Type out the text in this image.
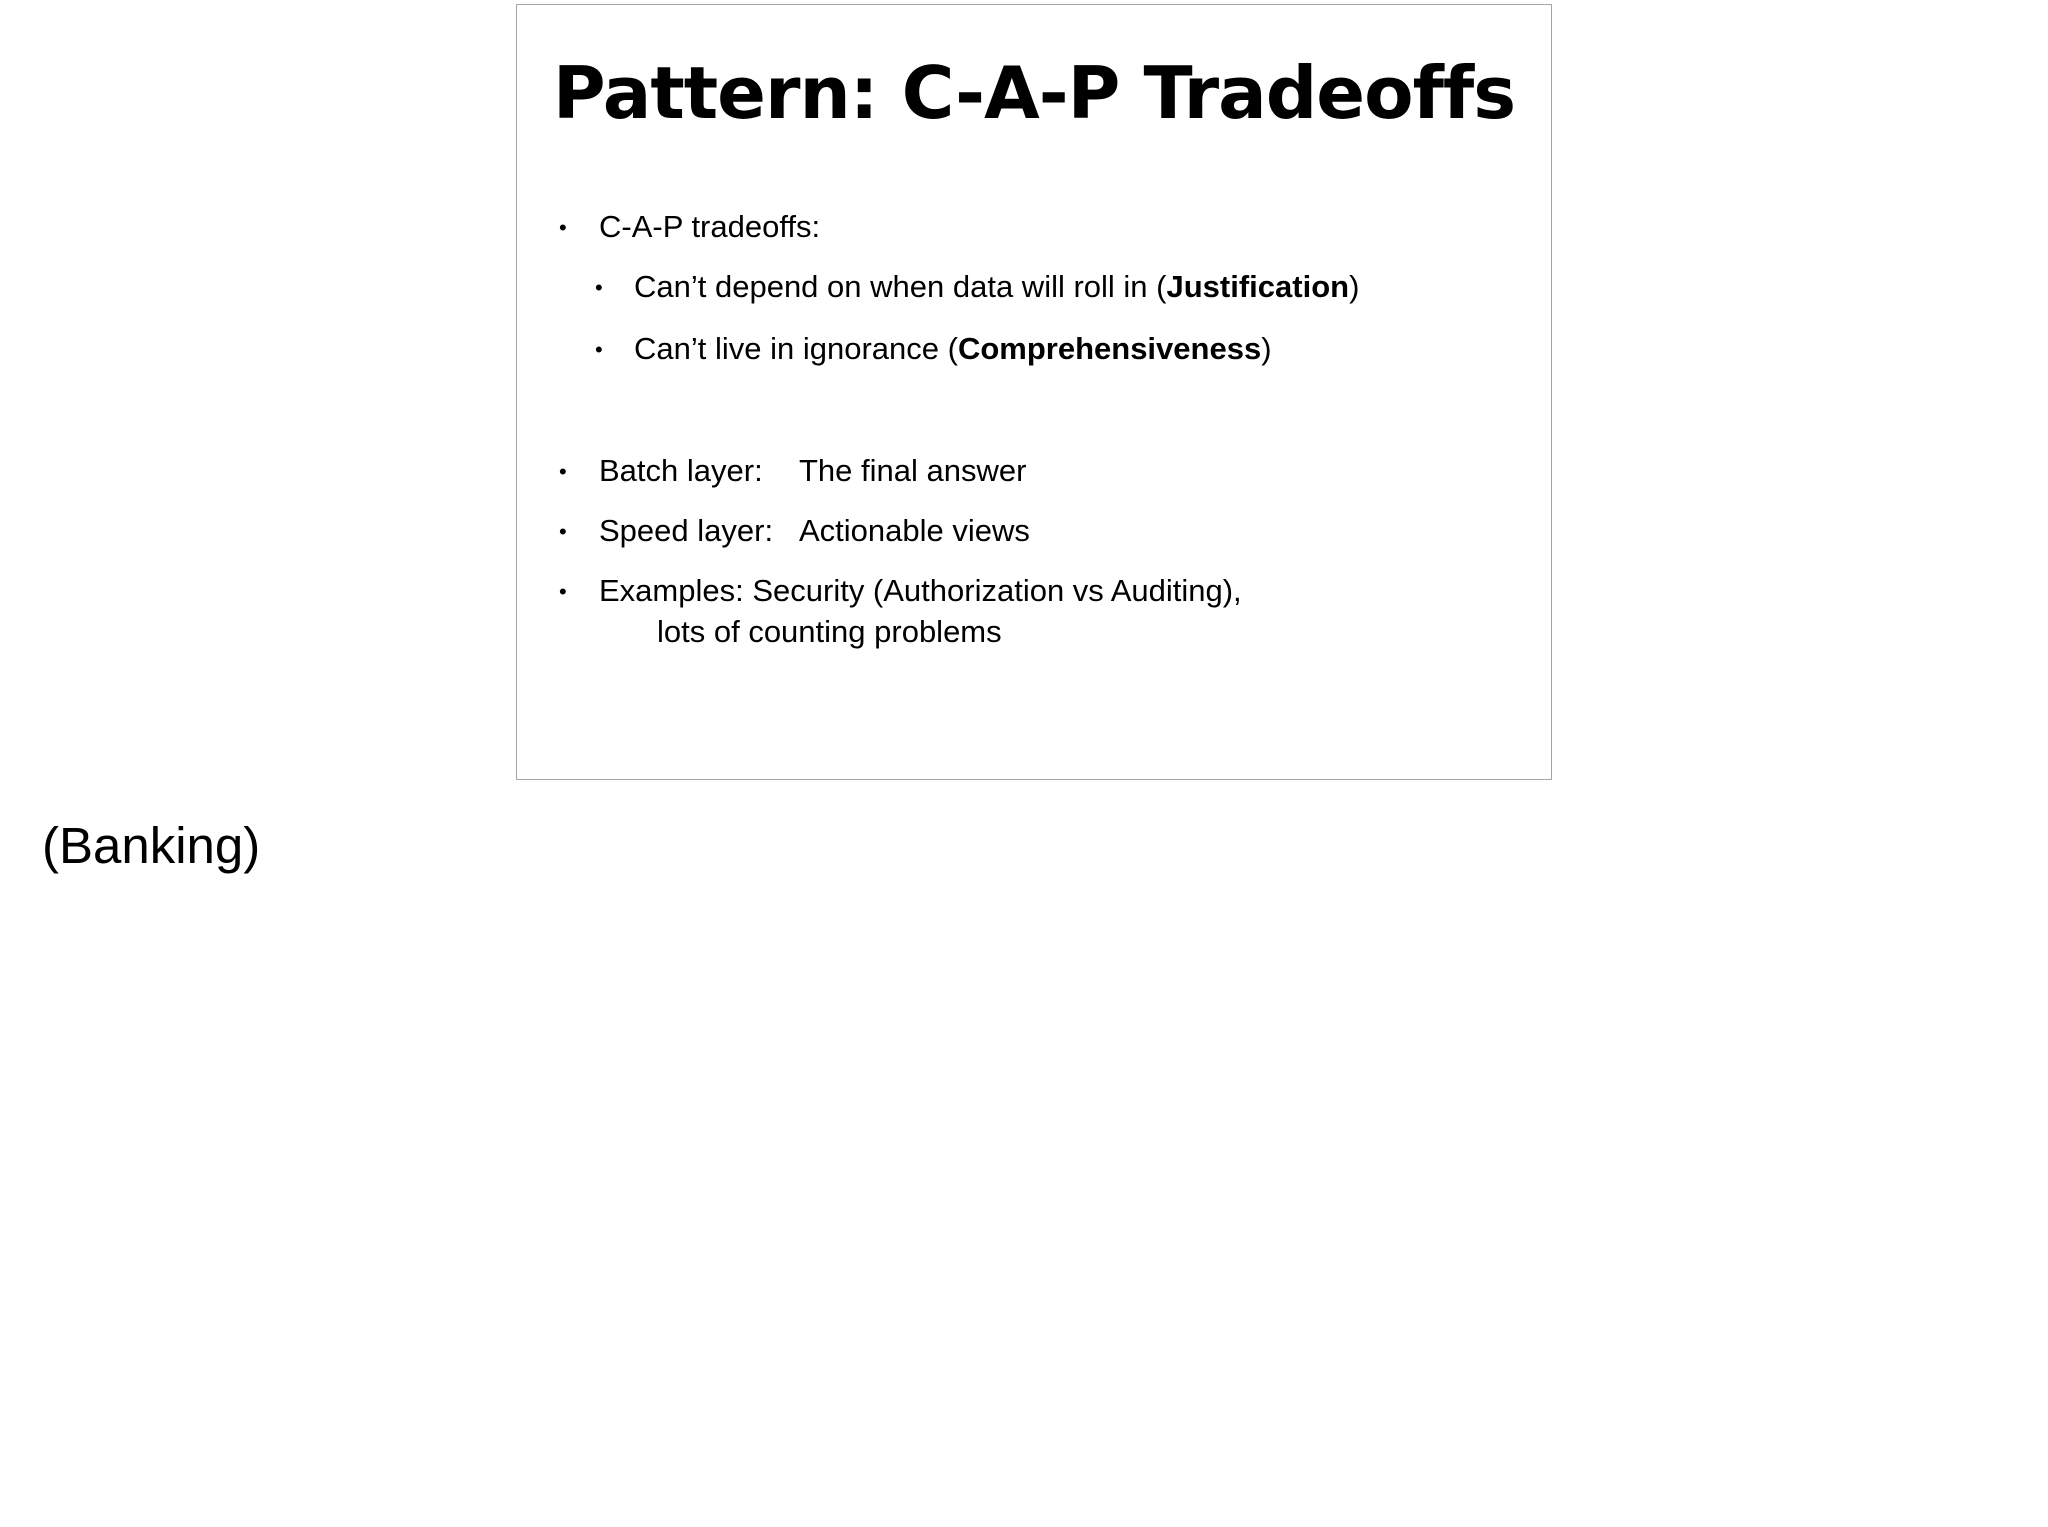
Pattern: C-A-P Tradeoffs
• C-A-P tradeoffs:
• Can’t depend on when data will roll in (Justification)
• Can’t live in ignorance (Comprehensiveness)
• Batch layer: The final answer
• Speed layer: Actionable views
• Examples: Security (Authorization vs Auditing),
lots of counting problems
(Banking)
